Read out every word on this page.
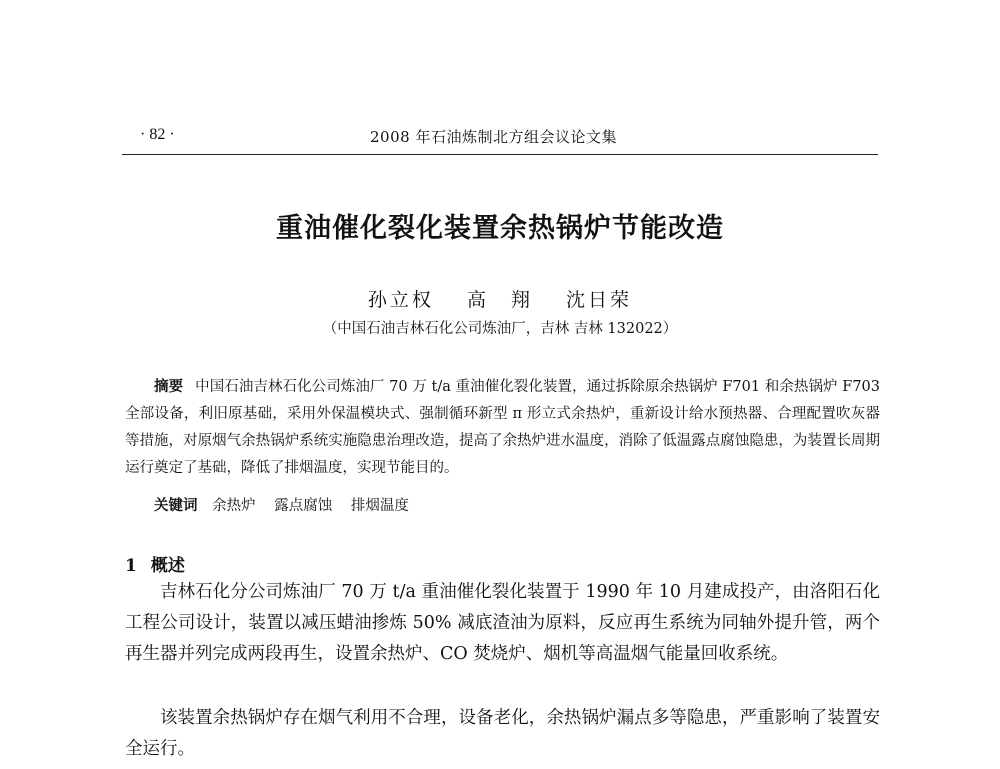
· 82 ·	2008 年石油炼制北方组会议论文集
重油催化裂化装置余热锅炉节能改造
孙立权 高　翔 沈日荣
（中国石油吉林石化公司炼油厂，吉林 吉林 132022）
摘要 中国石油吉林石化公司炼油厂 70 万 t/a 重油催化裂化装置，通过拆除原余热锅炉 F701 和余热锅炉 F703 全部设备，利旧原基础，采用外保温模块式、强制循环新型 π 形立式余热炉，重新设计给水预热器、合理配置吹灰器等措施，对原烟气余热锅炉系统实施隐患治理改造，提高了余热炉进水温度，消除了低温露点腐蚀隐患，为装置长周期运行奠定了基础，降低了排烟温度，实现节能目的。
关键词 余热炉 露点腐蚀 排烟温度
1 概述
吉林石化分公司炼油厂 70 万 t/a 重油催化裂化装置于 1990 年 10 月建成投产，由洛阳石化工程公司设计，装置以减压蜡油掺炼 50% 减底渣油为原料，反应再生系统为同轴外提升管，两个再生器并列完成两段再生，设置余热炉、CO 焚烧炉、烟机等高温烟气能量回收系统。
该装置余热锅炉存在烟气利用不合理，设备老化，余热锅炉漏点多等隐患，严重影响了装置安全运行。
